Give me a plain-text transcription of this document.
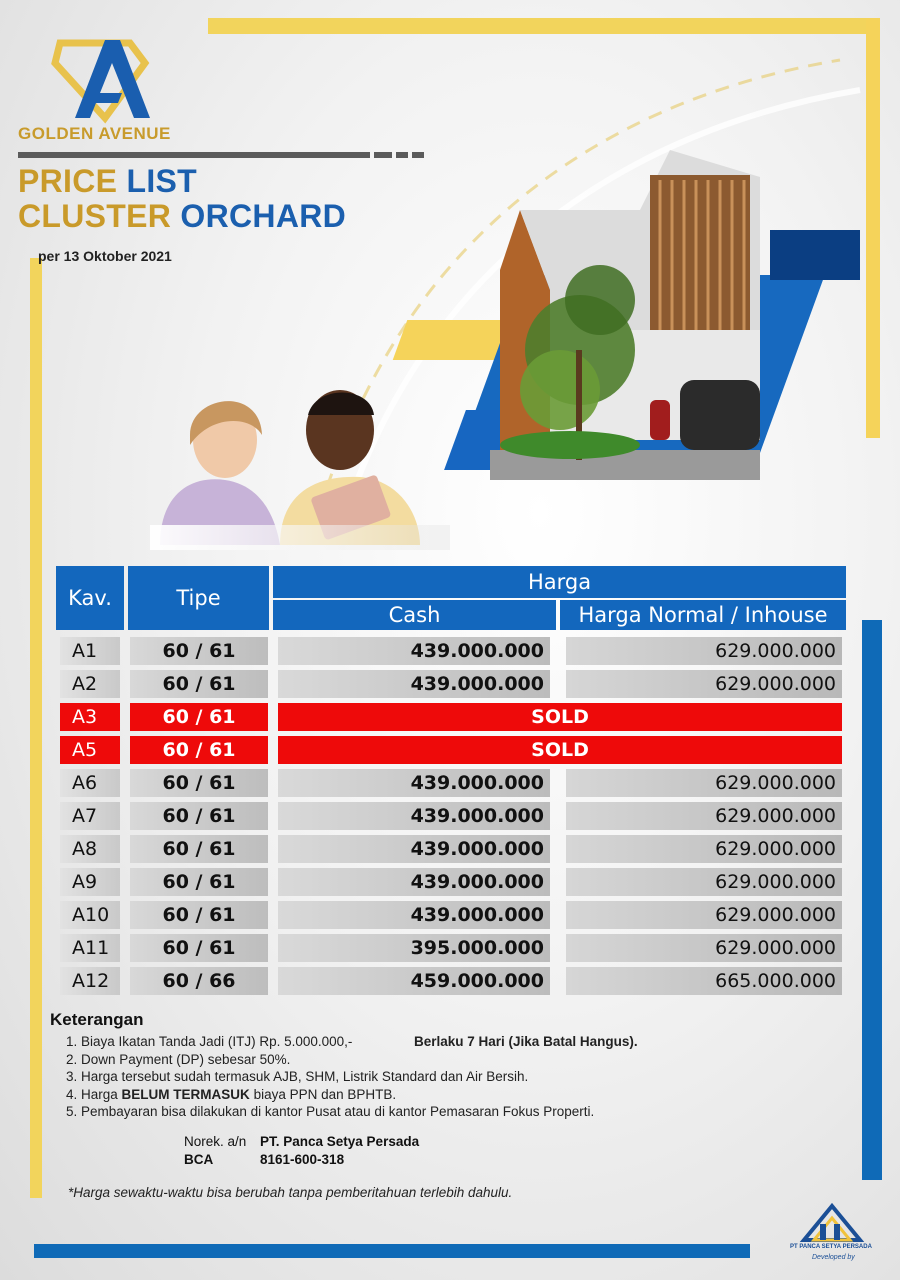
GOLDEN AVENUE
PRICE LIST
CLUSTER ORCHARD
per 13 Oktober 2021
Kav.	Tipe
Harga
Cash	Harga Normal / Inhouse
A1	60 / 61	439.000.000	629.000.000
A2	60 / 61	439.000.000	629.000.000
A3	60 / 61	SOLD
A5	60 / 61	SOLD
A6	60 / 61	439.000.000	629.000.000
A7	60 / 61	439.000.000	629.000.000
A8	60 / 61	439.000.000	629.000.000
A9	60 / 61	439.000.000	629.000.000
A10	60 / 61	439.000.000	629.000.000
A11	60 / 61	395.000.000	629.000.000
A12	60 / 66	459.000.000	665.000.000
Keterangan
1. Biaya Ikatan Tanda Jadi (ITJ) Rp. 5.000.000,-	Berlaku 7 Hari (Jika Batal Hangus).
2. Down Payment (DP) sebesar 50%.
3. Harga tersebut sudah termasuk AJB, SHM, Listrik Standard dan Air Bersih.
4. Harga BELUM TERMASUK biaya PPN dan BPHTB.
5. Pembayaran bisa dilakukan di kantor Pusat atau di kantor Pemasaran Fokus Properti.
Norek. a/n	PT. Panca Setya Persada
BCA	8161-600-318
*Harga sewaktu-waktu bisa berubah tanpa pemberitahuan terlebih dahulu.
PT PANCA SETYA PERSADA
Developed by
